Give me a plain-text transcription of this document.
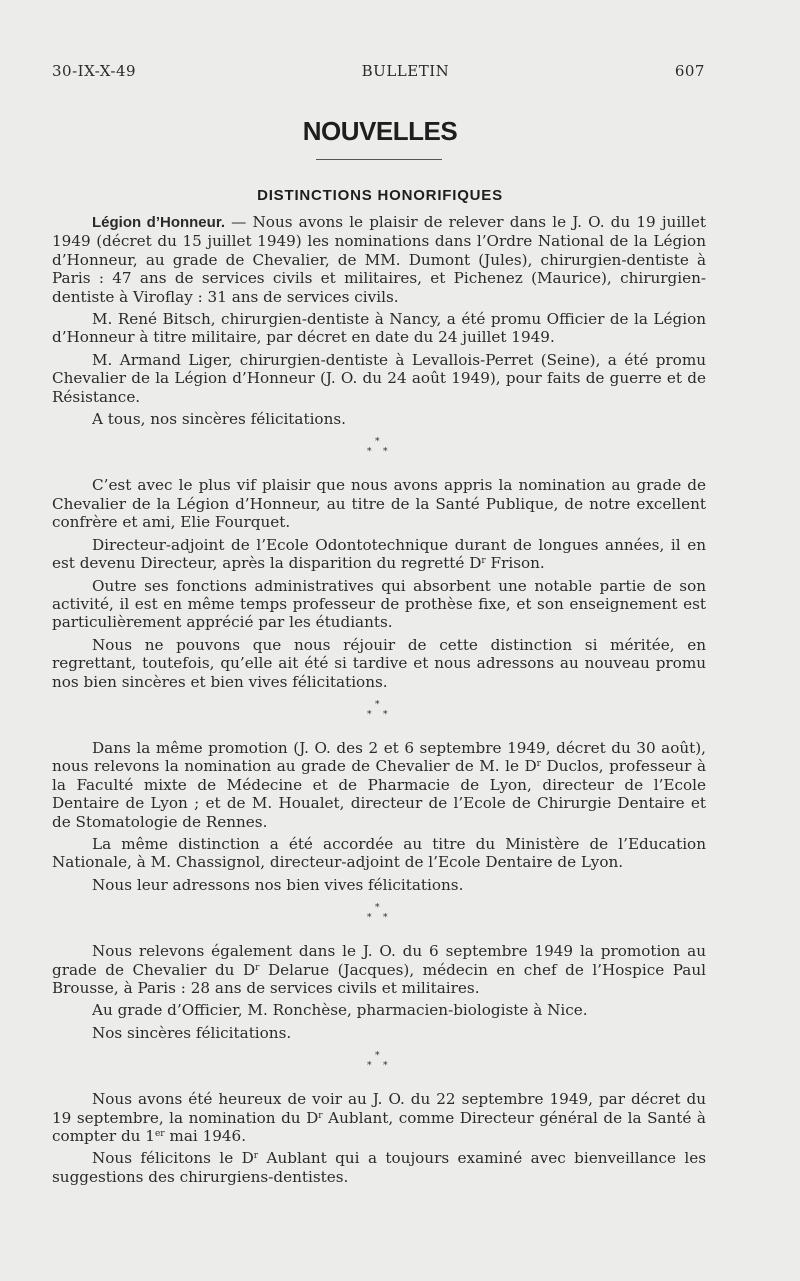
30-IX-X-49	BULLETIN	607
NOUVELLES
DISTINCTIONS HONORIFIQUES

Légion d’Honneur. — Nous avons le plaisir de relever dans le J. O. du 19 juillet 1949 (décret du 15 juillet 1949) les nominations dans l’Ordre National de la Légion d’Honneur, au grade de Chevalier, de MM. Dumont (Jules), chirurgien-dentiste à Paris : 47 ans de services civils et militaires, et Pichenez (Maurice), chirurgien-dentiste à Viroflay : 31 ans de services civils.

M. René Bitsch, chirurgien-dentiste à Nancy, a été promu Officier de la Légion d’Honneur à titre militaire, par décret en date du 24 juillet 1949.

M. Armand Liger, chirurgien-dentiste à Levallois-Perret (Seine), a été promu Chevalier de la Légion d’Honneur (J. O. du 24 août 1949), pour faits de guerre et de Résistance.

A tous, nos sincères félicitations.

*
* *

C’est avec le plus vif plaisir que nous avons appris la nomination au grade de Chevalier de la Légion d’Honneur, au titre de la Santé Publique, de notre excellent confrère et ami, Elie Fourquet.

Directeur-adjoint de l’Ecole Odontotechnique durant de longues années, il en est devenu Directeur, après la disparition du regretté $D^r$ Frison.

Outre ses fonctions administratives qui absorbent une notable partie de son activité, il est en même temps professeur de prothèse fixe, et son enseignement est particulièrement apprécié par les étudiants.

Nous ne pouvons que nous réjouir de cette distinction si méritée, en regrettant, toutefois, qu’elle ait été si tardive et nous adressons au nouveau promu nos bien sincères et bien vives félicitations.

*
* *

Dans la même promotion (J. O. des 2 et 6 septembre 1949, décret du 30 août), nous relevons la nomination au grade de Chevalier de M. le $D^r$ Duclos, professeur à la Faculté mixte de Médecine et de Pharmacie de Lyon, directeur de l’Ecole Dentaire de Lyon ; et de M. Houalet, directeur de l’Ecole de Chirurgie Dentaire et de Stomatologie de Rennes.

La même distinction a été accordée au titre du Ministère de l’Education Nationale, à M. Chassignol, directeur-adjoint de l’Ecole Dentaire de Lyon.

Nous leur adressons nos bien vives félicitations.

*
* *

Nous relevons également dans le J. O. du 6 septembre 1949 la promotion au grade de Chevalier du $D^r$ Delarue (Jacques), médecin en chef de l’Hospice Paul Brousse, à Paris : 28 ans de services civils et militaires.

Au grade d’Officier, M. Ronchèse, pharmacien-biologiste à Nice.

Nos sincères félicitations.

*
* *

Nous avons été heureux de voir au J. O. du 22 septembre 1949, par décret du 19 septembre, la nomination du $D^r$ Aublant, comme Directeur général de la Santé à compter du 1er mai 1946.

Nous félicitons le $D^r$ Aublant qui a toujours examiné avec bienveillance les suggestions des chirurgiens-dentistes.
